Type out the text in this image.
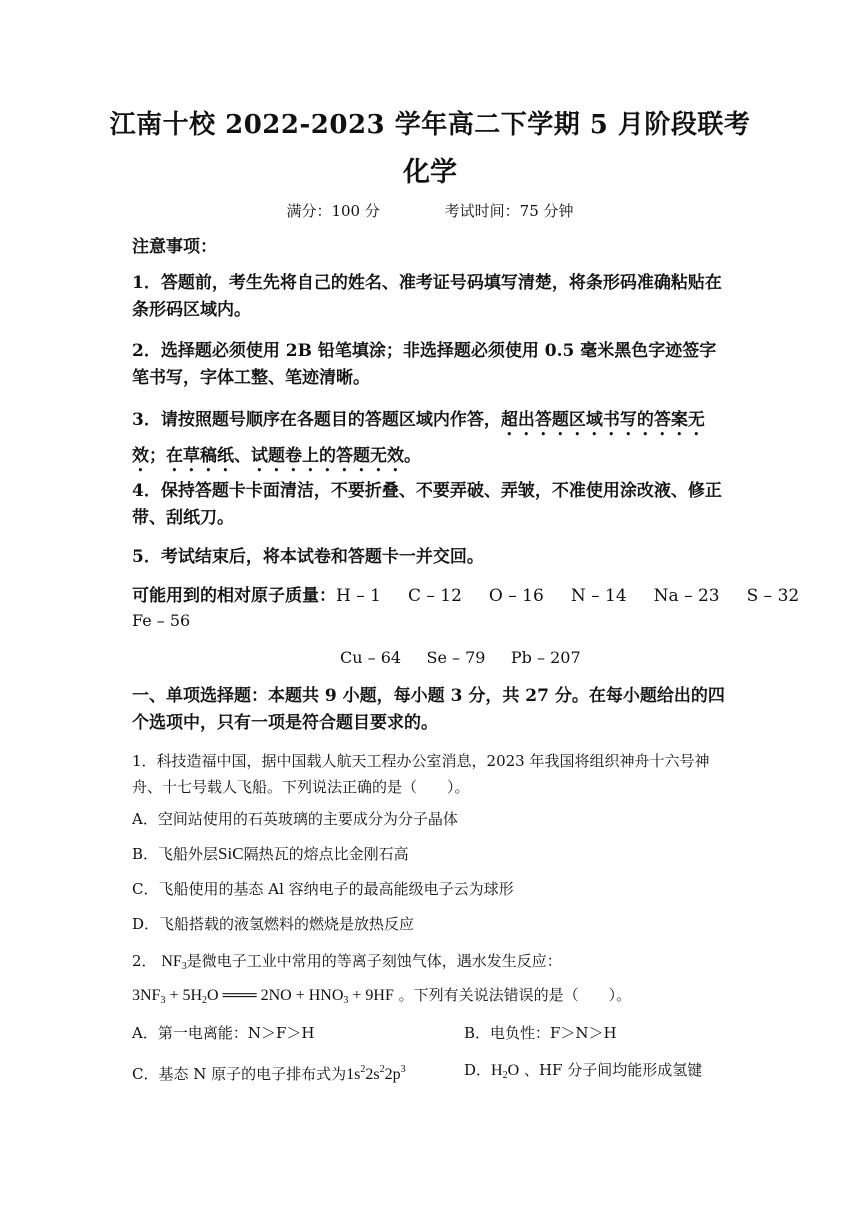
江南十校 2022-2023 学年高二下学期 5 月阶段联考
化学
满分：100 分	考试时间：75 分钟
注意事项：
1．答题前，考生先将自己的姓名、准考证号码填写清楚，将条形码准确粘贴在条形码区域内。
2．选择题必须使用 2B 铅笔填涂；非选择题必须使用 0.5 毫米黑色字迹签字笔书写，字体工整、笔迹清晰。
3．请按照题号顺序在各题目的答题区域内作答，超出答题区域书写的答案无效；在草稿纸、试题卷上的答题无效。
4．保持答题卡卡面清洁，不要折叠、不要弄破、弄皱，不准使用涂改液、修正带、刮纸刀。
5．考试结束后，将本试卷和答题卡一并交回。
可能用到的相对原子质量：H – 1     C – 12     O – 16     N – 14     Na – 23     S – 32
Fe – 56
Cu – 64     Se – 79     Pb – 207
一、单项选择题：本题共 9 小题，每小题 3 分，共 27 分。在每小题给出的四个选项中，只有一项是符合题目要求的。
1．科技造福中国，据中国载人航天工程办公室消息，2023 年我国将组织神舟十六号神舟、十七号载人飞船。下列说法正确的是（　　）。
A．空间站使用的石英玻璃的主要成分为分子晶体
B．飞船外层SiC隔热瓦的熔点比金刚石高
C．飞船使用的基态 Al 容纳电子的最高能级电子云为球形
D．飞船搭载的液氢燃料的燃烧是放热反应
2． $NF_3$是微电子工业中常用的等离子刻蚀气体，遇水发生反应：
$3NF_3 + 5H_2O$ ═══ $2NO + HNO_3 + 9HF$ 。下列有关说法错误的是（　　）。
A．第一电离能：N＞F＞H	B．电负性：F＞N＞H
C．基态 N 原子的电子排布式为$1s^22s^22p^3$	D．$H_2O$ 、HF 分子间均能形成氢键
